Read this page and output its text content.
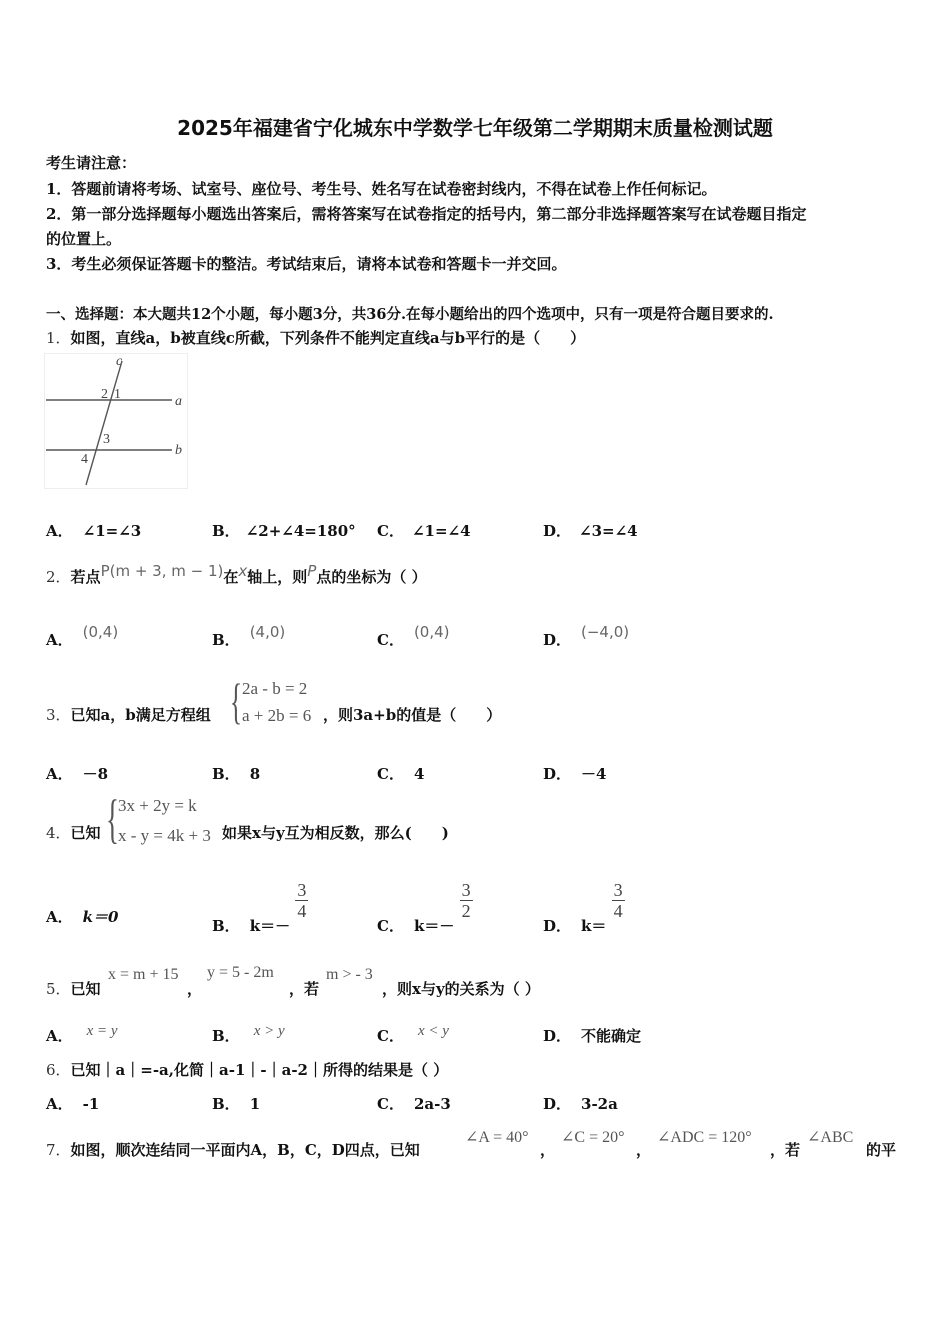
2025年福建省宁化城东中学数学七年级第二学期期末质量检测试题
考生请注意：
1．答题前请将考场、试室号、座位号、考生号、姓名写在试卷密封线内，不得在试卷上作任何标记。
2．第一部分选择题每小题选出答案后，需将答案写在试卷指定的括号内，第二部分非选择题答案写在试卷题目指定
的位置上。
3．考生必须保证答题卡的整洁。考试结束后，请将本试卷和答题卡一并交回。
一、选择题：本大题共12个小题，每小题3分，共36分.在每小题给出的四个选项中，只有一项是符合题目要求的.
1．如图，直线a，b被直线c所截，下列条件不能判定直线a与b平行的是（　　）
c
a
b
1
2
3
4
A． ∠1=∠3	B． ∠2+∠4=180° C． ∠1=∠4	D． ∠3=∠4
2．若点P(m + 3, m − 1)在x轴上，则P点的坐标为（ ）
A． (0,4)	B． (4,0)	C． (0,4)	D． (−4,0)
3．已知a，b满足方程组 { 2a - b = 2
a + 2b = 6 ，则3a+b的值是（　　）
A． －8	B． 8	C． 4	D． －4
4．已知 { 3x + 2y = k
x - y = 4k + 3 如果x与y互为相反数，那么(　　)
A． k＝0	B． k＝－
$\frac{3}{4}$
C． k＝－
$\frac{3}{2}$
D． k＝
$\frac{3}{4}$
5．已知
x = m + 15
，
y = 5 - 2m
，若
m > - 3
，则x与y的关系为（ ）
A． x = y	B． x > y	C． x < y	D． 不能确定
6．已知｜a｜=-a,化简｜a-1｜-｜a-2｜所得的结果是（ ）
A． -1	B． 1	C． 2a-3	D． 3-2a
7．如图，顺次连结同一平面内A，B，C，D四点，已知
∠A = 40°
，
∠C = 20°
，
∠ADC = 120°
，若
∠ABC
的平
